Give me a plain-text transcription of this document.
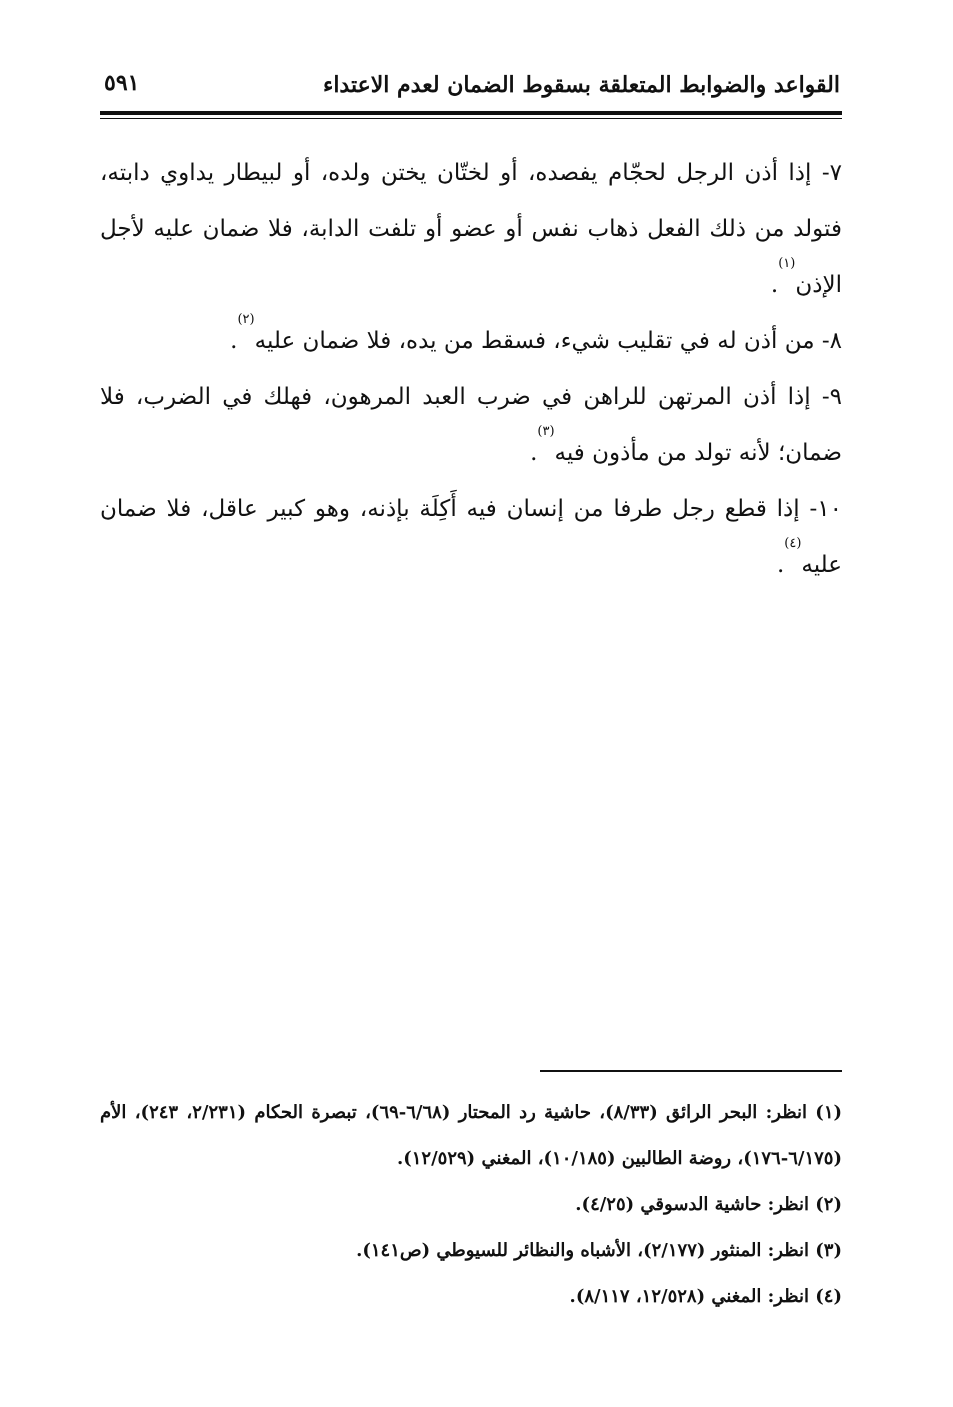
القواعد والضوابط المتعلقة بسقوط الضمان لعدم الاعتداء
٥٩١

٧- إذا أذن الرجل لحجّام يفصده، أو لختّان يختن ولده، أو لبيطار يداوي دابته، فتولد من ذلك الفعل ذهاب نفس أو عضو أو تلفت الدابة، فلا ضمان عليه لأجل الإذن$^{(١)}$.

٨- من أذن له في تقليب شيء، فسقط من يده، فلا ضمان عليه$^{(٢)}$.

٩- إذا أذن المرتهن للراهن في ضرب العبد المرهون، فهلك في الضرب، فلا ضمان؛ لأنه تولد من مأذون فيه$^{(٣)}$.

١٠- إذا قطع رجل طرفا من إنسان فيه أَكِلَة بإذنه، وهو كبير عاقل، فلا ضمان عليه$^{(٤)}$.

(١) انظر: البحر الرائق (٨/٣٣)، حاشية رد المحتار (٦/٦٨-٦٩)، تبصرة الحكام (٢/٢٣١، ٢٤٣)، الأم (٦/١٧٥-١٧٦)، روضة الطالبين (١٠/١٨٥)، المغني (١٢/٥٢٩).

(٢) انظر: حاشية الدسوقي (٤/٢٥).

(٣) انظر: المنثور (٢/١٧٧)، الأشباه والنظائر للسيوطي (ص١٤١).

(٤) انظر: المغني (١٢/٥٢٨، ٨/١١٧).
